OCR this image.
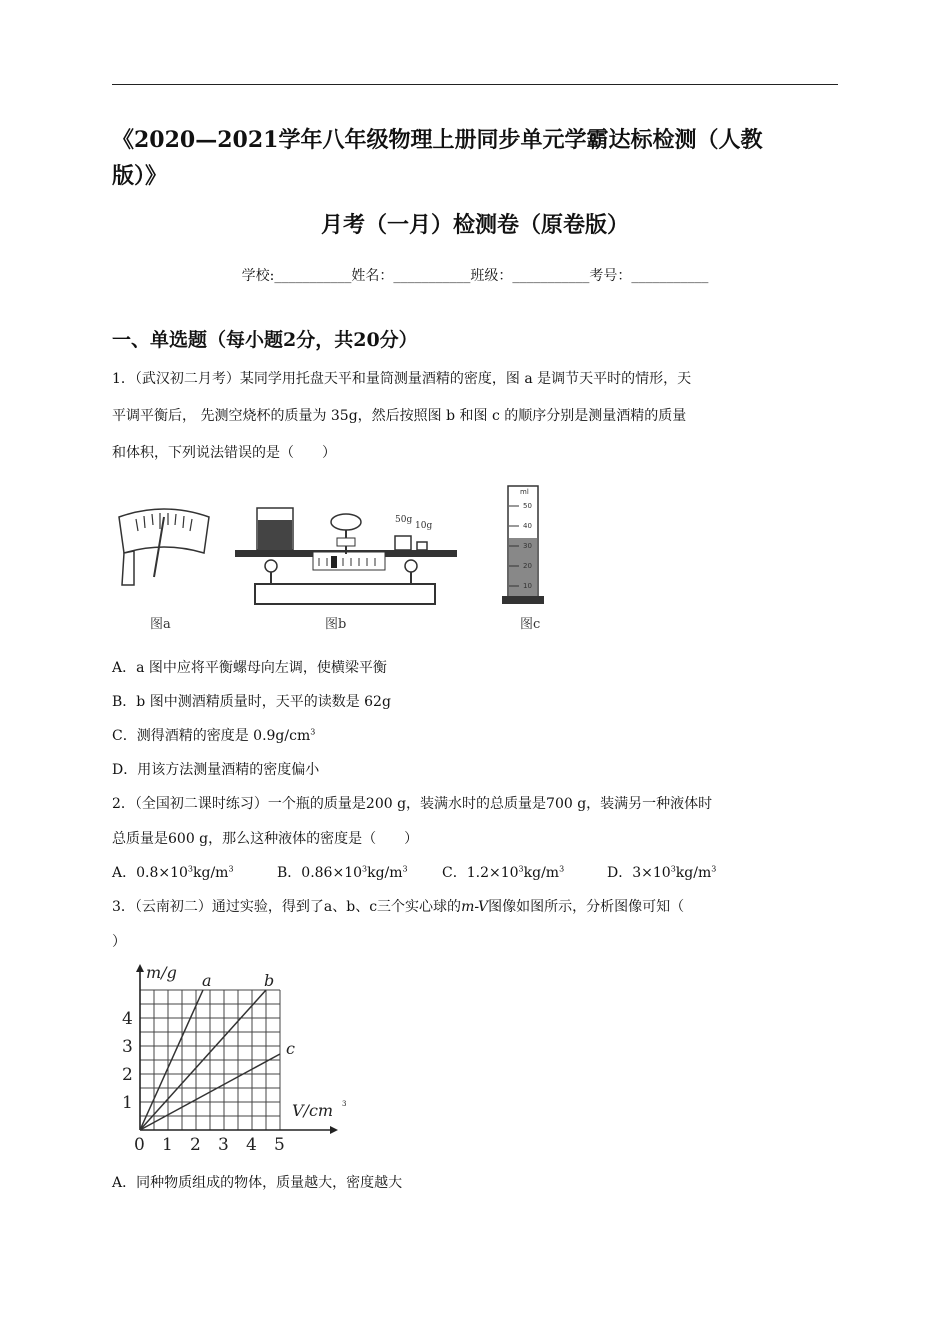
《2020—2021学年八年级物理上册同步单元学霸达标检测（人教
版）》
月考（一月）检测卷（原卷版）
学校:___________姓名：___________班级：___________考号：___________
一、单选题（每小题2分，共20分）
1．（武汉初二月考）某同学用托盘天平和量筒测量酒精的密度，图 a 是调节天平时的情形，天
平调平衡后， 先测空烧杯的质量为 35g，然后按照图 b 和图 c 的顺序分别是测量酒精的质量
和体积，下列说法错误的是（　　）
图a
50g
10g
图b
ml
50
40
30
20
10
图c
A．a 图中应将平衡螺母向左调，使横梁平衡
B．b 图中测酒精质量时，天平的读数是 62g
C．测得酒精的密度是 $0.9g/cm^3$
D．用该方法测量酒精的密度偏小
2．（全国初二课时练习）一个瓶的质量是200 g，装满水时的总质量是700 g，装满另一种液体时
总质量是600 g，那么这种液体的密度是（　　）
A．$0.8\times 10^3kg/m^3$	B．$0.86\times 10^3kg/m^3$ C．$1.2\times 10^3kg/m^3$	D．$3\times 10^3kg/m^3$
3．（云南初二）通过实验，得到了a、b、c三个实心球的m-V图像如图所示，分析图像可知（
）
m/g a	b
c
V/cm 3
1
2
3
4
0 1 2 3 4 5
A．同种物质组成的物体，质量越大，密度越大
